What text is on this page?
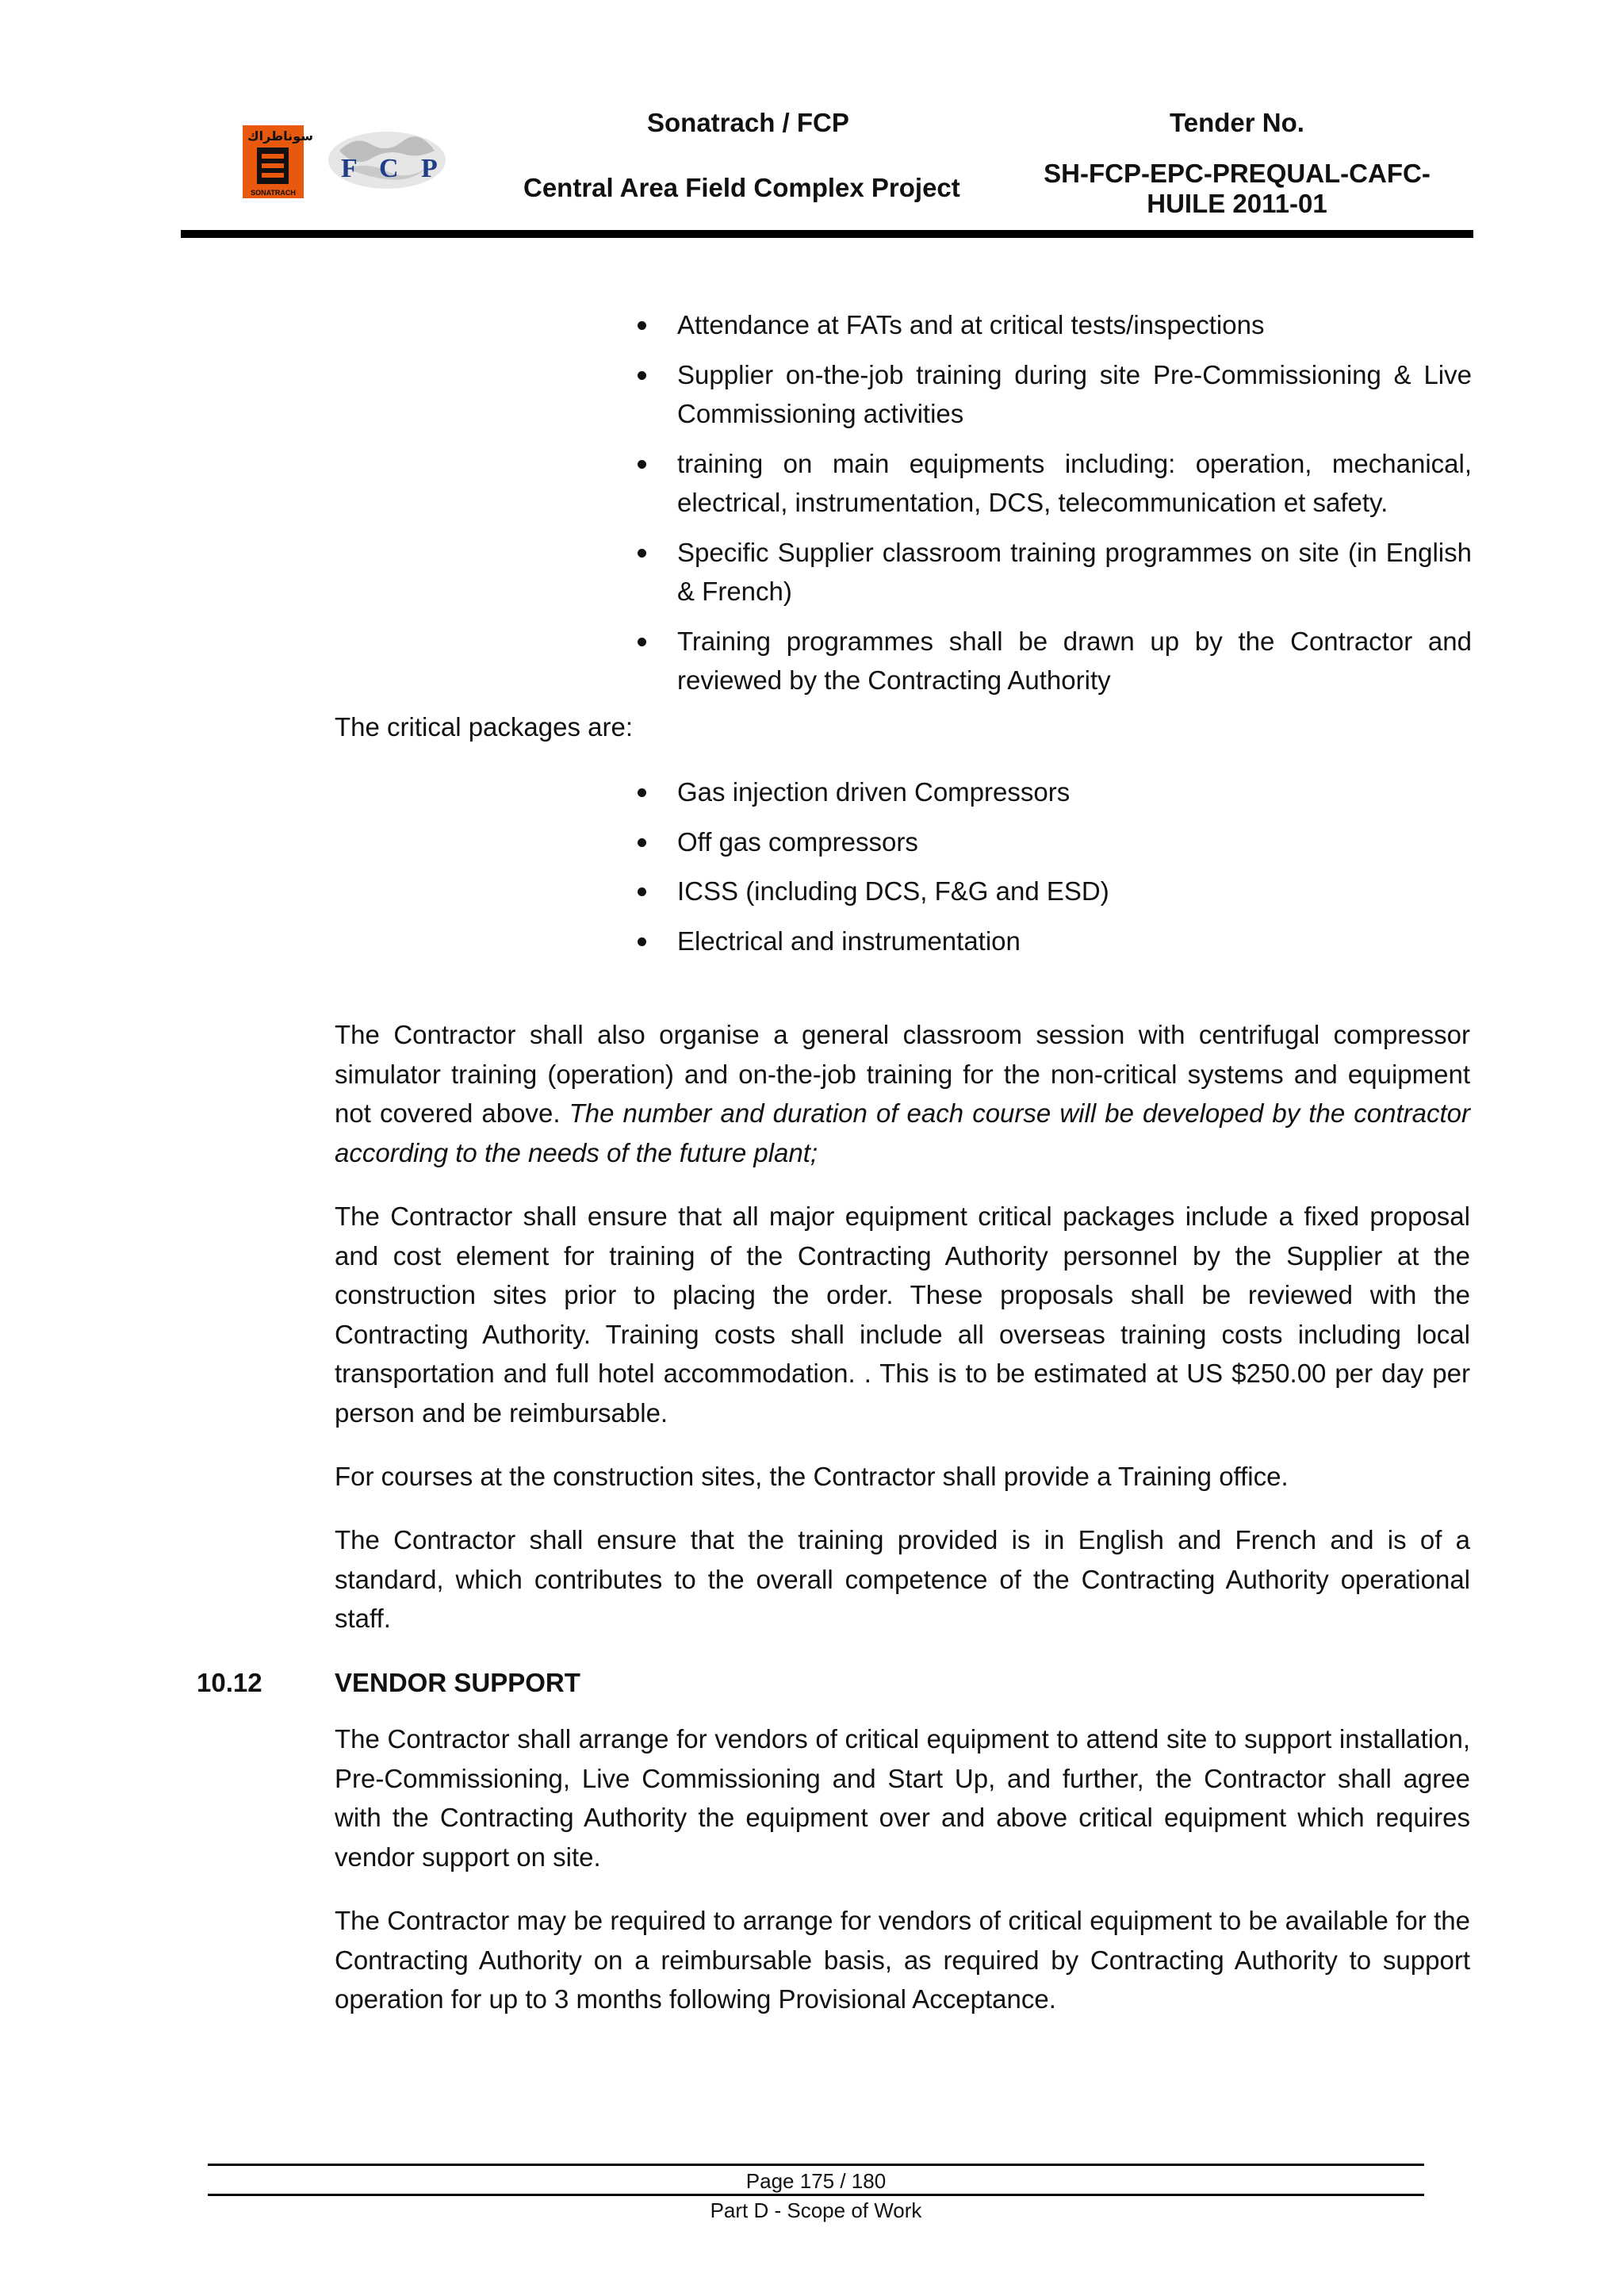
سوناطراك
SONATRACH
F C P
Sonatrach / FCP
Central Area Field Complex Project
Tender No.
SH-FCP-EPC-PREQUAL-CAFC-
HUILE 2011-01
Attendance at FATs and at critical tests/inspections
Supplier on-the-job training during site Pre-Commissioning & Live Commissioning activities
training on main equipments including: operation, mechanical, electrical, instrumentation, DCS, telecommunication et safety.
Specific Supplier classroom training programmes on site (in English & French)
Training programmes shall be drawn up by the Contractor and reviewed by the Contracting Authority
The critical packages are:
Gas injection driven Compressors
Off gas compressors
ICSS (including DCS, F&G and ESD)
Electrical and instrumentation
The Contractor shall also organise a general classroom session with centrifugal compressor simulator training (operation) and on-the-job training for the non-critical systems and equipment not covered above. The number and duration of each course will be developed by the contractor according to the needs of the future plant;
The Contractor shall ensure that all major equipment critical packages include a fixed proposal and cost element for training of the Contracting Authority personnel by the Supplier at the construction sites prior to placing the order. These proposals shall be reviewed with the Contracting Authority. Training costs shall include all overseas training costs including local transportation and full hotel accommodation. . This is to be estimated at US $250.00 per day per person and be reimbursable.
For courses at the construction sites, the Contractor shall provide a Training office.
The Contractor shall ensure that the training provided is in English and French and is of a standard, which contributes to the overall competence of the Contracting Authority operational staff.
10.12	VENDOR SUPPORT
The Contractor shall arrange for vendors of critical equipment to attend site to support installation, Pre-Commissioning, Live Commissioning and Start Up, and further, the Contractor shall agree with the Contracting Authority the equipment over and above critical equipment which requires vendor support on site.
The Contractor may be required to arrange for vendors of critical equipment to be available for the Contracting Authority on a reimbursable basis, as required by Contracting Authority to support operation for up to 3 months following Provisional Acceptance.
Page 175 / 180
Part D - Scope of Work
